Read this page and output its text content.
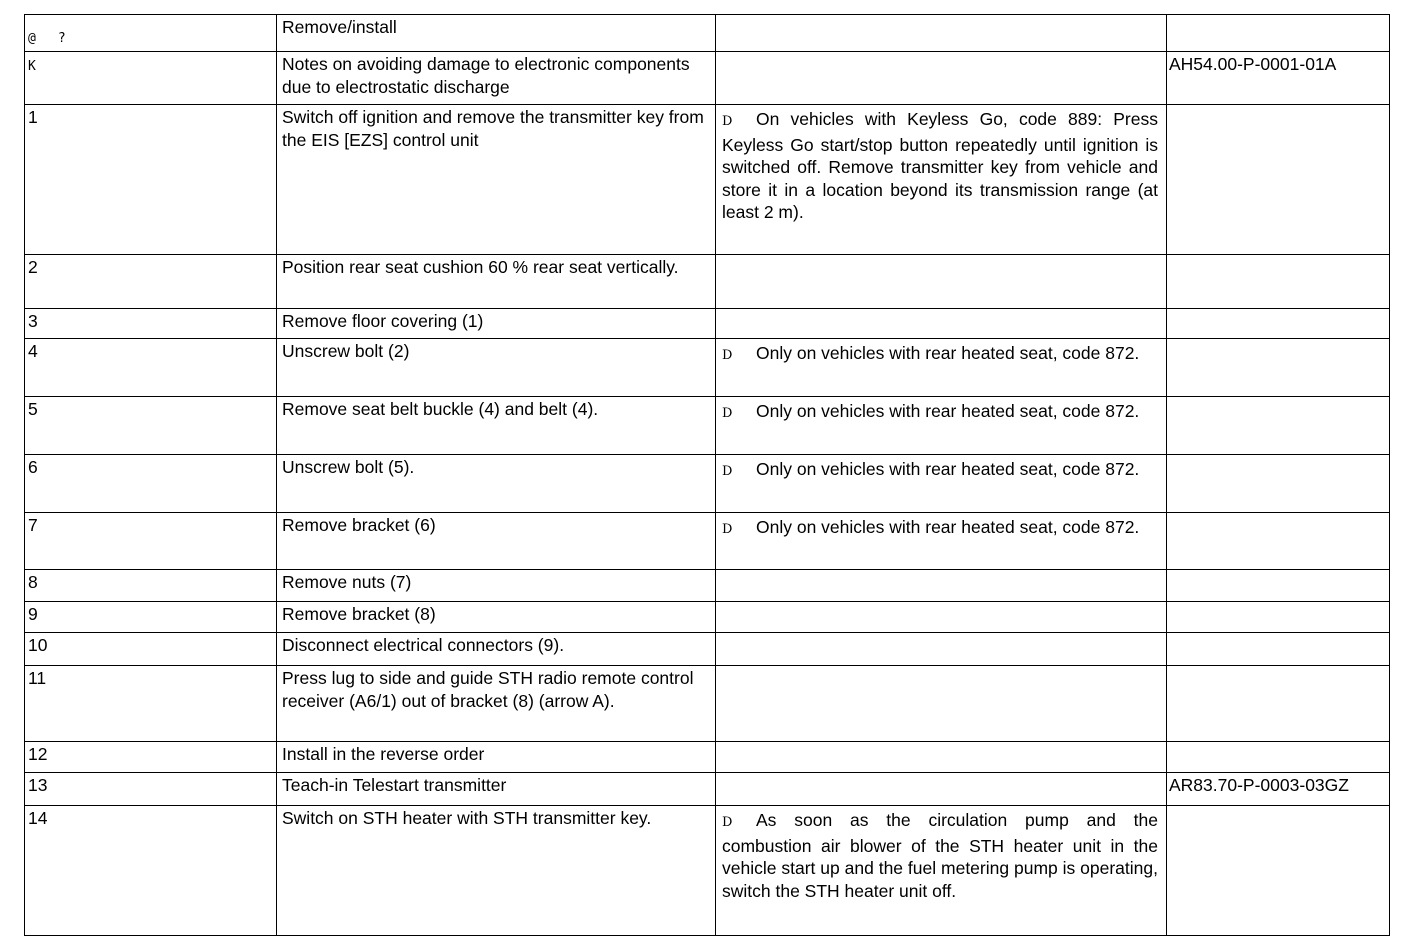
@ ?	Remove/install		
K	Notes on avoiding damage to electronic components due to electrostatic discharge		AH54.00-P-0001-01A
1	Switch off ignition and remove the transmitter key from the EIS [EZS] control unit	D On vehicles with Keyless Go, code 889: Press Keyless Go start/stop button repeatedly until ignition is switched off. Remove transmitter key from vehicle and store it in a location beyond its transmission range (at least 2 m).	

2	Position rear seat cushion 60 % rear seat vertically.		
3	Remove floor covering (1)		
4	Unscrew bolt (2)	D Only on vehicles with rear heated seat, code 872.	

5	Remove seat belt buckle (4) and belt (4).	D Only on vehicles with rear heated seat, code 872.	

6	Unscrew bolt (5).	D Only on vehicles with rear heated seat, code 872.	

7	Remove bracket (6)	D Only on vehicles with rear heated seat, code 872.	

8	Remove nuts (7)		
9	Remove bracket (8)		
10	Disconnect electrical connectors (9).		
11	Press lug to side and guide STH radio remote control receiver (A6/1) out of bracket (8) (arrow A).		
12	Install in the reverse order		
13	Teach-in Telestart transmitter		AR83.70-P-0003-03GZ
14	Switch on STH heater with STH transmitter key.	D As soon as the circulation pump and the combustion air blower of the STH heater unit in the vehicle start up and the fuel metering pump is operating, switch the STH heater unit off.	
